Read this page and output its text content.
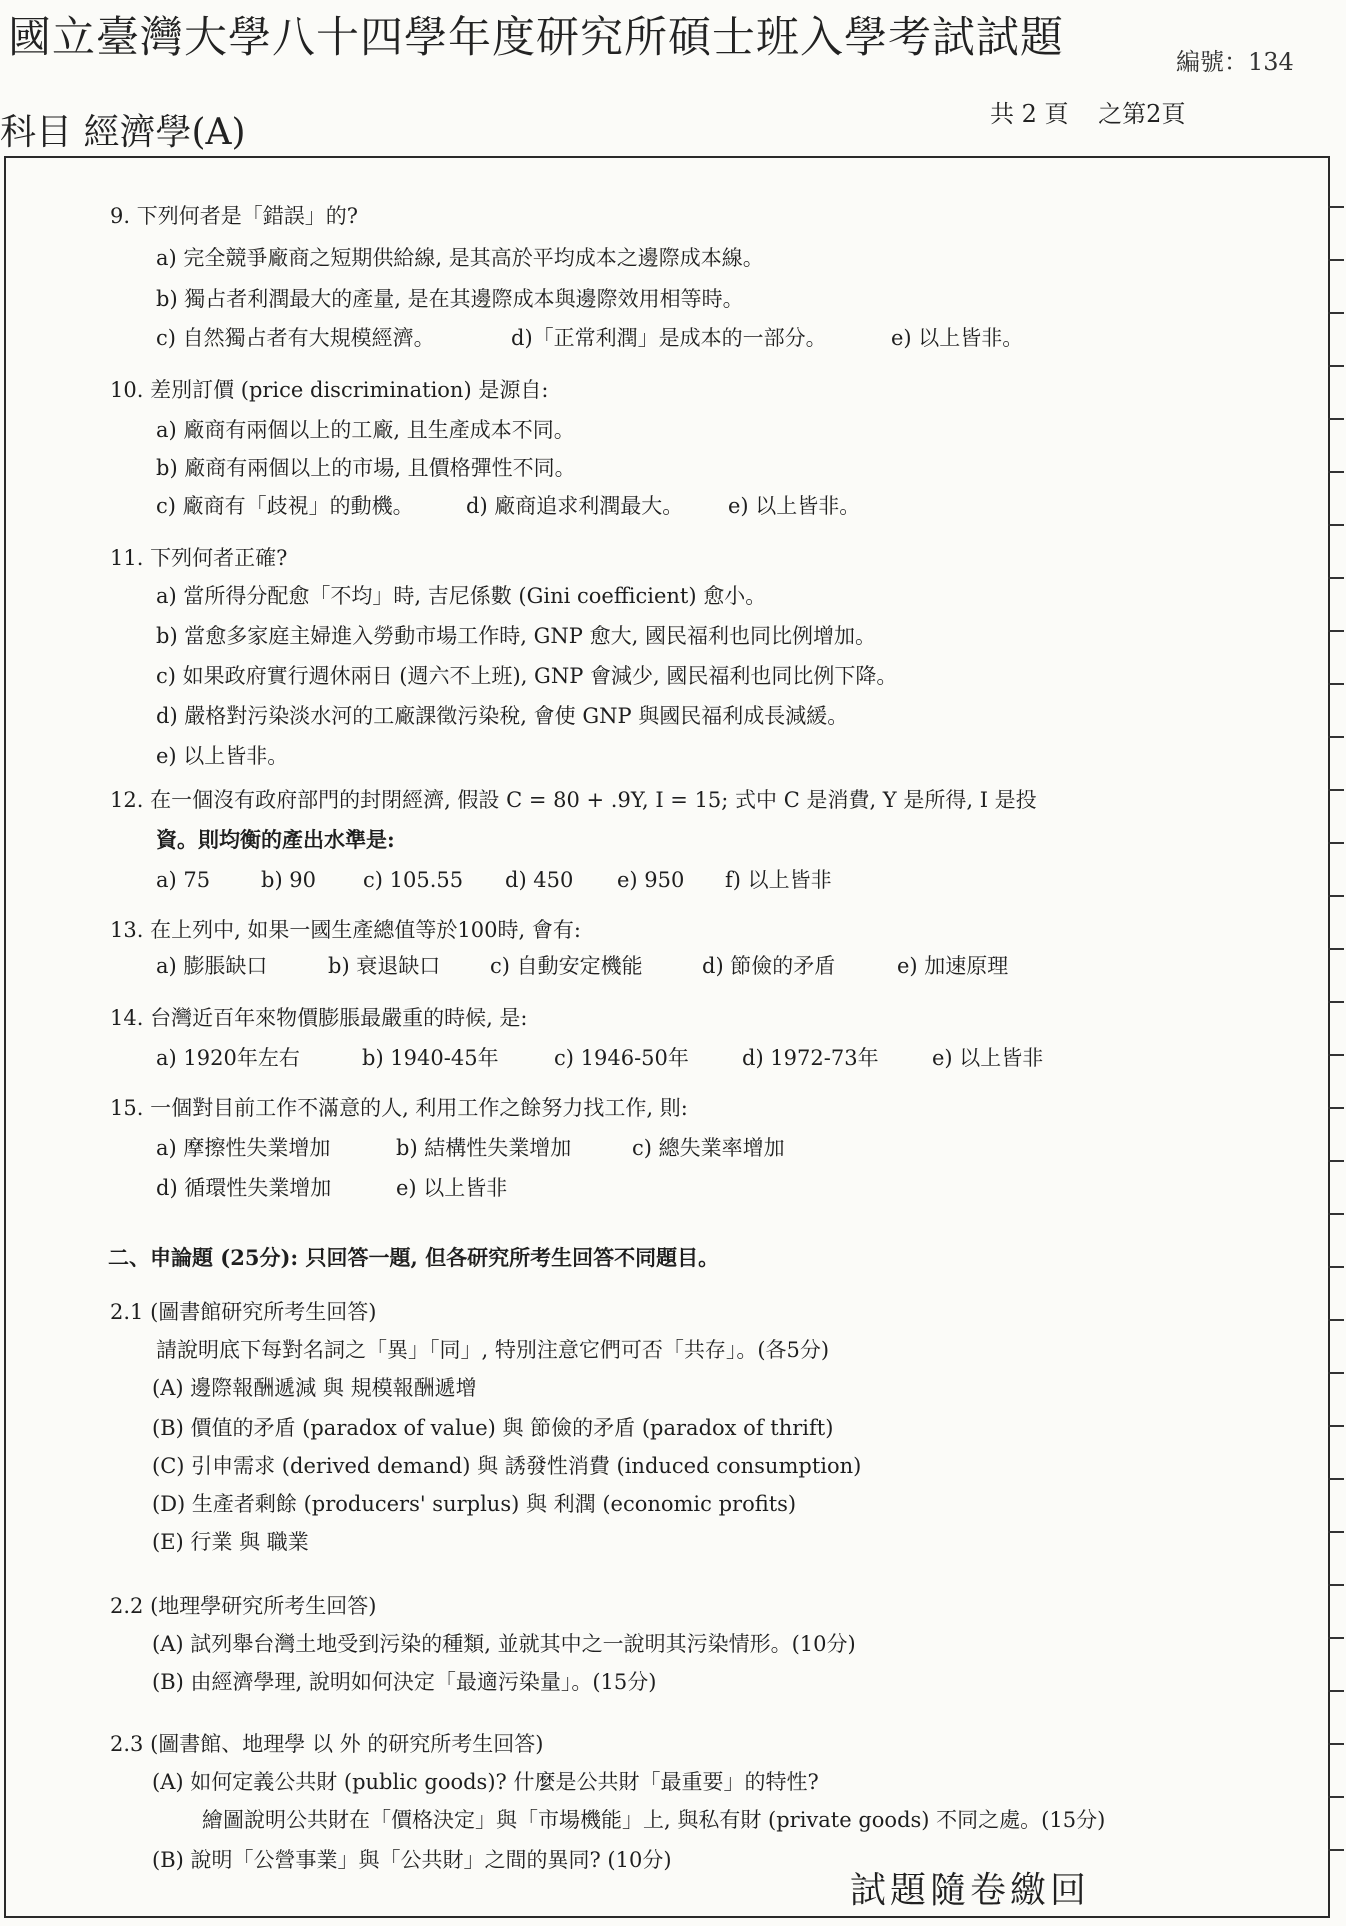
國立臺灣大學八十四學年度研究所碩士班入學考試試題	編號：134
科目 經濟學(A)	共 2 頁 之第2頁
9. 下列何者是「錯誤」的?
a) 完全競爭廠商之短期供給線, 是其高於平均成本之邊際成本線。
b) 獨占者利潤最大的產量, 是在其邊際成本與邊際效用相等時。
c) 自然獨占者有大規模經濟。	d)「正常利潤」是成本的一部分。	e) 以上皆非。
10. 差別訂價 (price discrimination) 是源自:
a) 廠商有兩個以上的工廠, 且生產成本不同。
b) 廠商有兩個以上的市場, 且價格彈性不同。
c) 廠商有「歧視」的動機。 d) 廠商追求利潤最大。 e) 以上皆非。
11. 下列何者正確?
a) 當所得分配愈「不均」時, 吉尼係數 (Gini coefficient) 愈小。
b) 當愈多家庭主婦進入勞動市場工作時, GNP 愈大, 國民福利也同比例增加。
c) 如果政府實行週休兩日 (週六不上班), GNP 會減少, 國民福利也同比例下降。
d) 嚴格對污染淡水河的工廠課徵污染稅, 會使 GNP 與國民福利成長減緩。
e) 以上皆非。
12. 在一個沒有政府部門的封閉經濟, 假設 C = 80 + .9Y, I = 15; 式中 C 是消費, Y 是所得, I 是投
資。則均衡的產出水準是:
a) 75 b) 90 c) 105.55 d) 450 e) 950 f) 以上皆非
13. 在上列中, 如果一國生產總值等於100時, 會有:
a) 膨脹缺口	b) 衰退缺口 c) 自動安定機能	d) 節儉的矛盾	e) 加速原理
14. 台灣近百年來物價膨脹最嚴重的時候, 是:
a) 1920年左右	b) 1940-45年	c) 1946-50年	d) 1972-73年	e) 以上皆非
15. 一個對目前工作不滿意的人, 利用工作之餘努力找工作, 則:
a) 摩擦性失業增加	b) 結構性失業增加	c) 總失業率增加
d) 循環性失業增加	e) 以上皆非
二、申論題 (25分): 只回答一題, 但各研究所考生回答不同題目。
2.1 (圖書館研究所考生回答)
請說明底下每對名詞之「異」「同」, 特別注意它們可否「共存」。(各5分)
(A) 邊際報酬遞減 與 規模報酬遞增
(B) 價值的矛盾 (paradox of value) 與 節儉的矛盾 (paradox of thrift)
(C) 引申需求 (derived demand) 與 誘發性消費 (induced consumption)
(D) 生產者剩餘 (producers' surplus) 與 利潤 (economic profits)
(E) 行業 與 職業
2.2 (地理學研究所考生回答)
(A) 試列舉台灣土地受到污染的種類, 並就其中之一說明其污染情形。(10分)
(B) 由經濟學理, 說明如何決定「最適污染量」。(15分)
2.3 (圖書館、地理學 以 外 的研究所考生回答)
(A) 如何定義公共財 (public goods)? 什麼是公共財「最重要」的特性?
繪圖說明公共財在「價格決定」與「市場機能」上, 與私有財 (private goods) 不同之處。(15分)
(B) 說明「公營事業」與「公共財」之間的異同? (10分)
試題隨卷繳回
